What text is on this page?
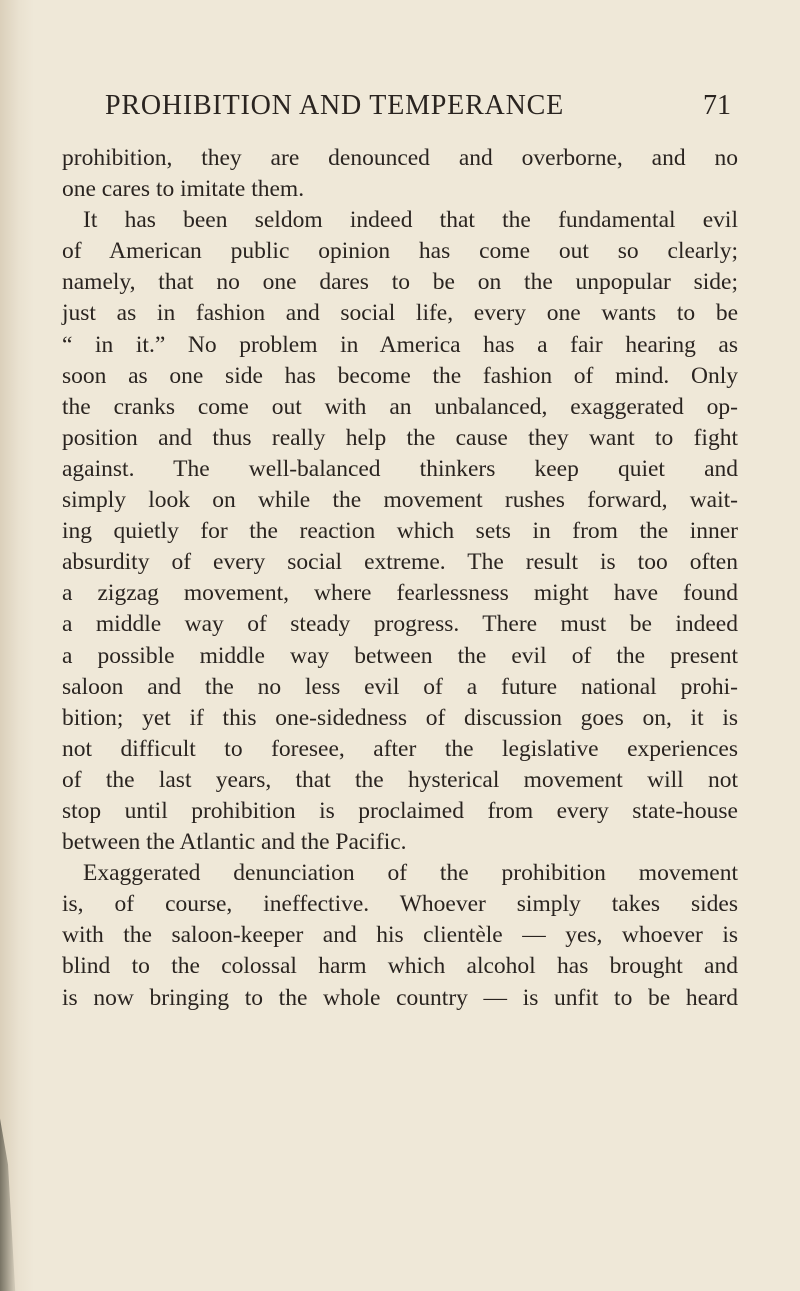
PROHIBITION AND TEMPERANCE	71
prohibition, they are denounced and overborne, and no
one cares to imitate them.
It has been seldom indeed that the fundamental evil
of American public opinion has come out so clearly;
namely, that no one dares to be on the unpopular side;
just as in fashion and social life, every one wants to be
“ in it.” No problem in America has a fair hearing as
soon as one side has become the fashion of mind. Only
the cranks come out with an unbalanced, exaggerated op-
position and thus really help the cause they want to fight
against. The well-balanced thinkers keep quiet and
simply look on while the movement rushes forward, wait-
ing quietly for the reaction which sets in from the inner
absurdity of every social extreme. The result is too often
a zigzag movement, where fearlessness might have found
a middle way of steady progress. There must be indeed
a possible middle way between the evil of the present
saloon and the no less evil of a future national prohi-
bition; yet if this one-sidedness of discussion goes on, it is
not difficult to foresee, after the legislative experiences
of the last years, that the hysterical movement will not
stop until prohibition is proclaimed from every state-house
between the Atlantic and the Pacific.
Exaggerated denunciation of the prohibition movement
is, of course, ineffective. Whoever simply takes sides
with the saloon-keeper and his clientèle — yes, whoever is
blind to the colossal harm which alcohol has brought and
is now bringing to the whole country — is unfit to be heard
